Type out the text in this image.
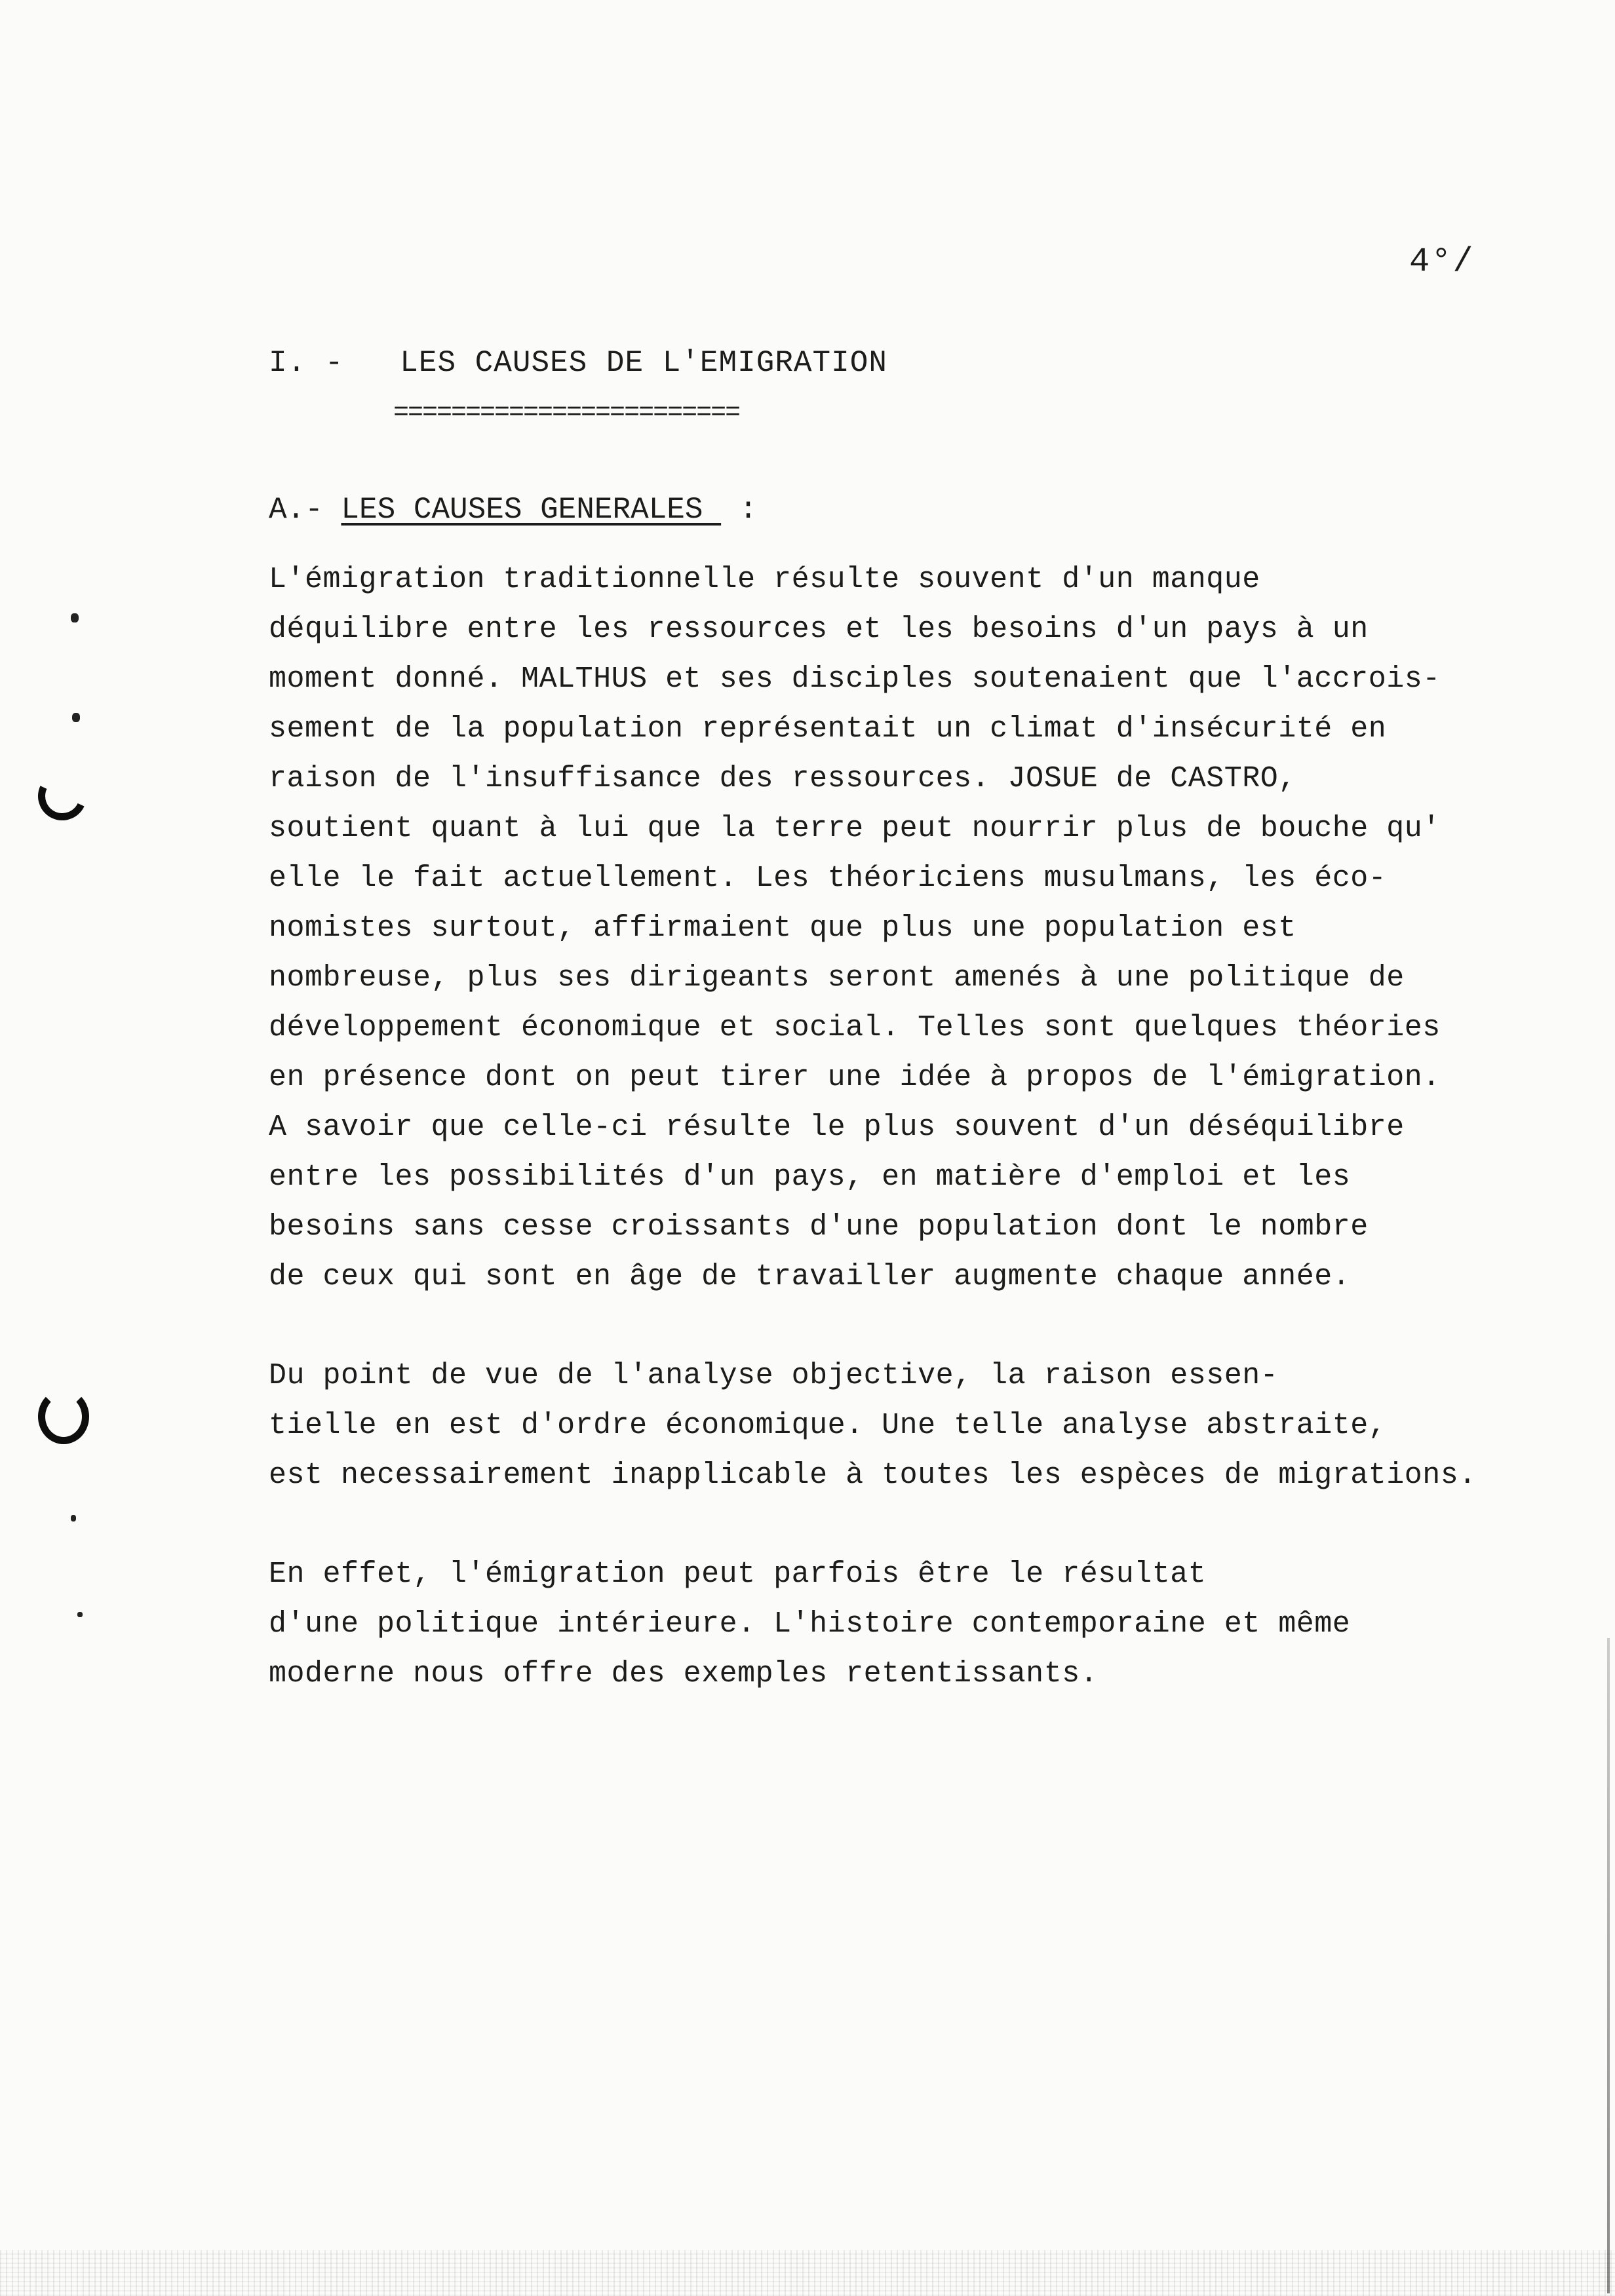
4°/
I. -   LES CAUSES DE L'EMIGRATION
========================
A.- LES CAUSES GENERALES  :
L'émigration traditionnelle résulte souvent d'un manque
déquilibre entre les ressources et les besoins d'un pays à un
moment donné. MALTHUS et ses disciples soutenaient que l'accrois-
sement de la population représentait un climat d'insécurité en
raison de l'insuffisance des ressources. JOSUE de CASTRO,
soutient quant à lui que la terre peut nourrir plus de bouche qu'
elle le fait actuellement. Les théoriciens musulmans, les éco-
nomistes surtout, affirmaient que plus une population est
nombreuse, plus ses dirigeants seront amenés à une politique de
développement économique et social. Telles sont quelques théories
en présence dont on peut tirer une idée à propos de l'émigration.
A savoir que celle-ci résulte le plus souvent d'un déséquilibre
entre les possibilités d'un pays, en matière d'emploi et les
besoins sans cesse croissants d'une population dont le nombre
de ceux qui sont en âge de travailler augmente chaque année.
Du point de vue de l'analyse objective, la raison essen-
tielle en est d'ordre économique. Une telle analyse abstraite,
est necessairement inapplicable à toutes les espèces de migrations.
En effet, l'émigration peut parfois être le résultat
d'une politique intérieure. L'histoire contemporaine et même
moderne nous offre des exemples retentissants.
